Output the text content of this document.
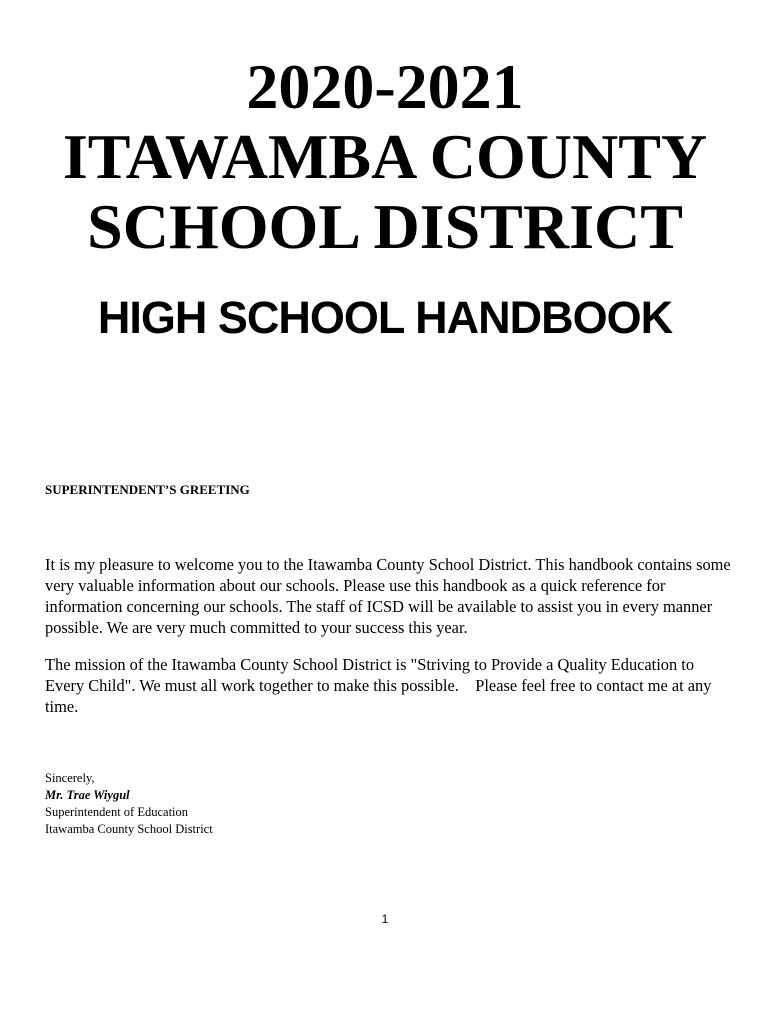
2020-2021
ITAWAMBA COUNTY
SCHOOL DISTRICT
HIGH SCHOOL HANDBOOK
SUPERINTENDENT’S GREETING

It is my pleasure to welcome you to the Itawamba County School District. This handbook contains some very valuable information about our schools. Please use this handbook as a quick reference for information concerning our schools. The staff of ICSD will be available to assist you in every manner possible. We are very much committed to your success this year.

The mission of the Itawamba County School District is "Striving to Provide a Quality Education to Every Child". We must all work together to make this possible.    Please feel free to contact me at any time.

Sincerely,
Mr. Trae Wiygul
Superintendent of Education
Itawamba County School District
1
